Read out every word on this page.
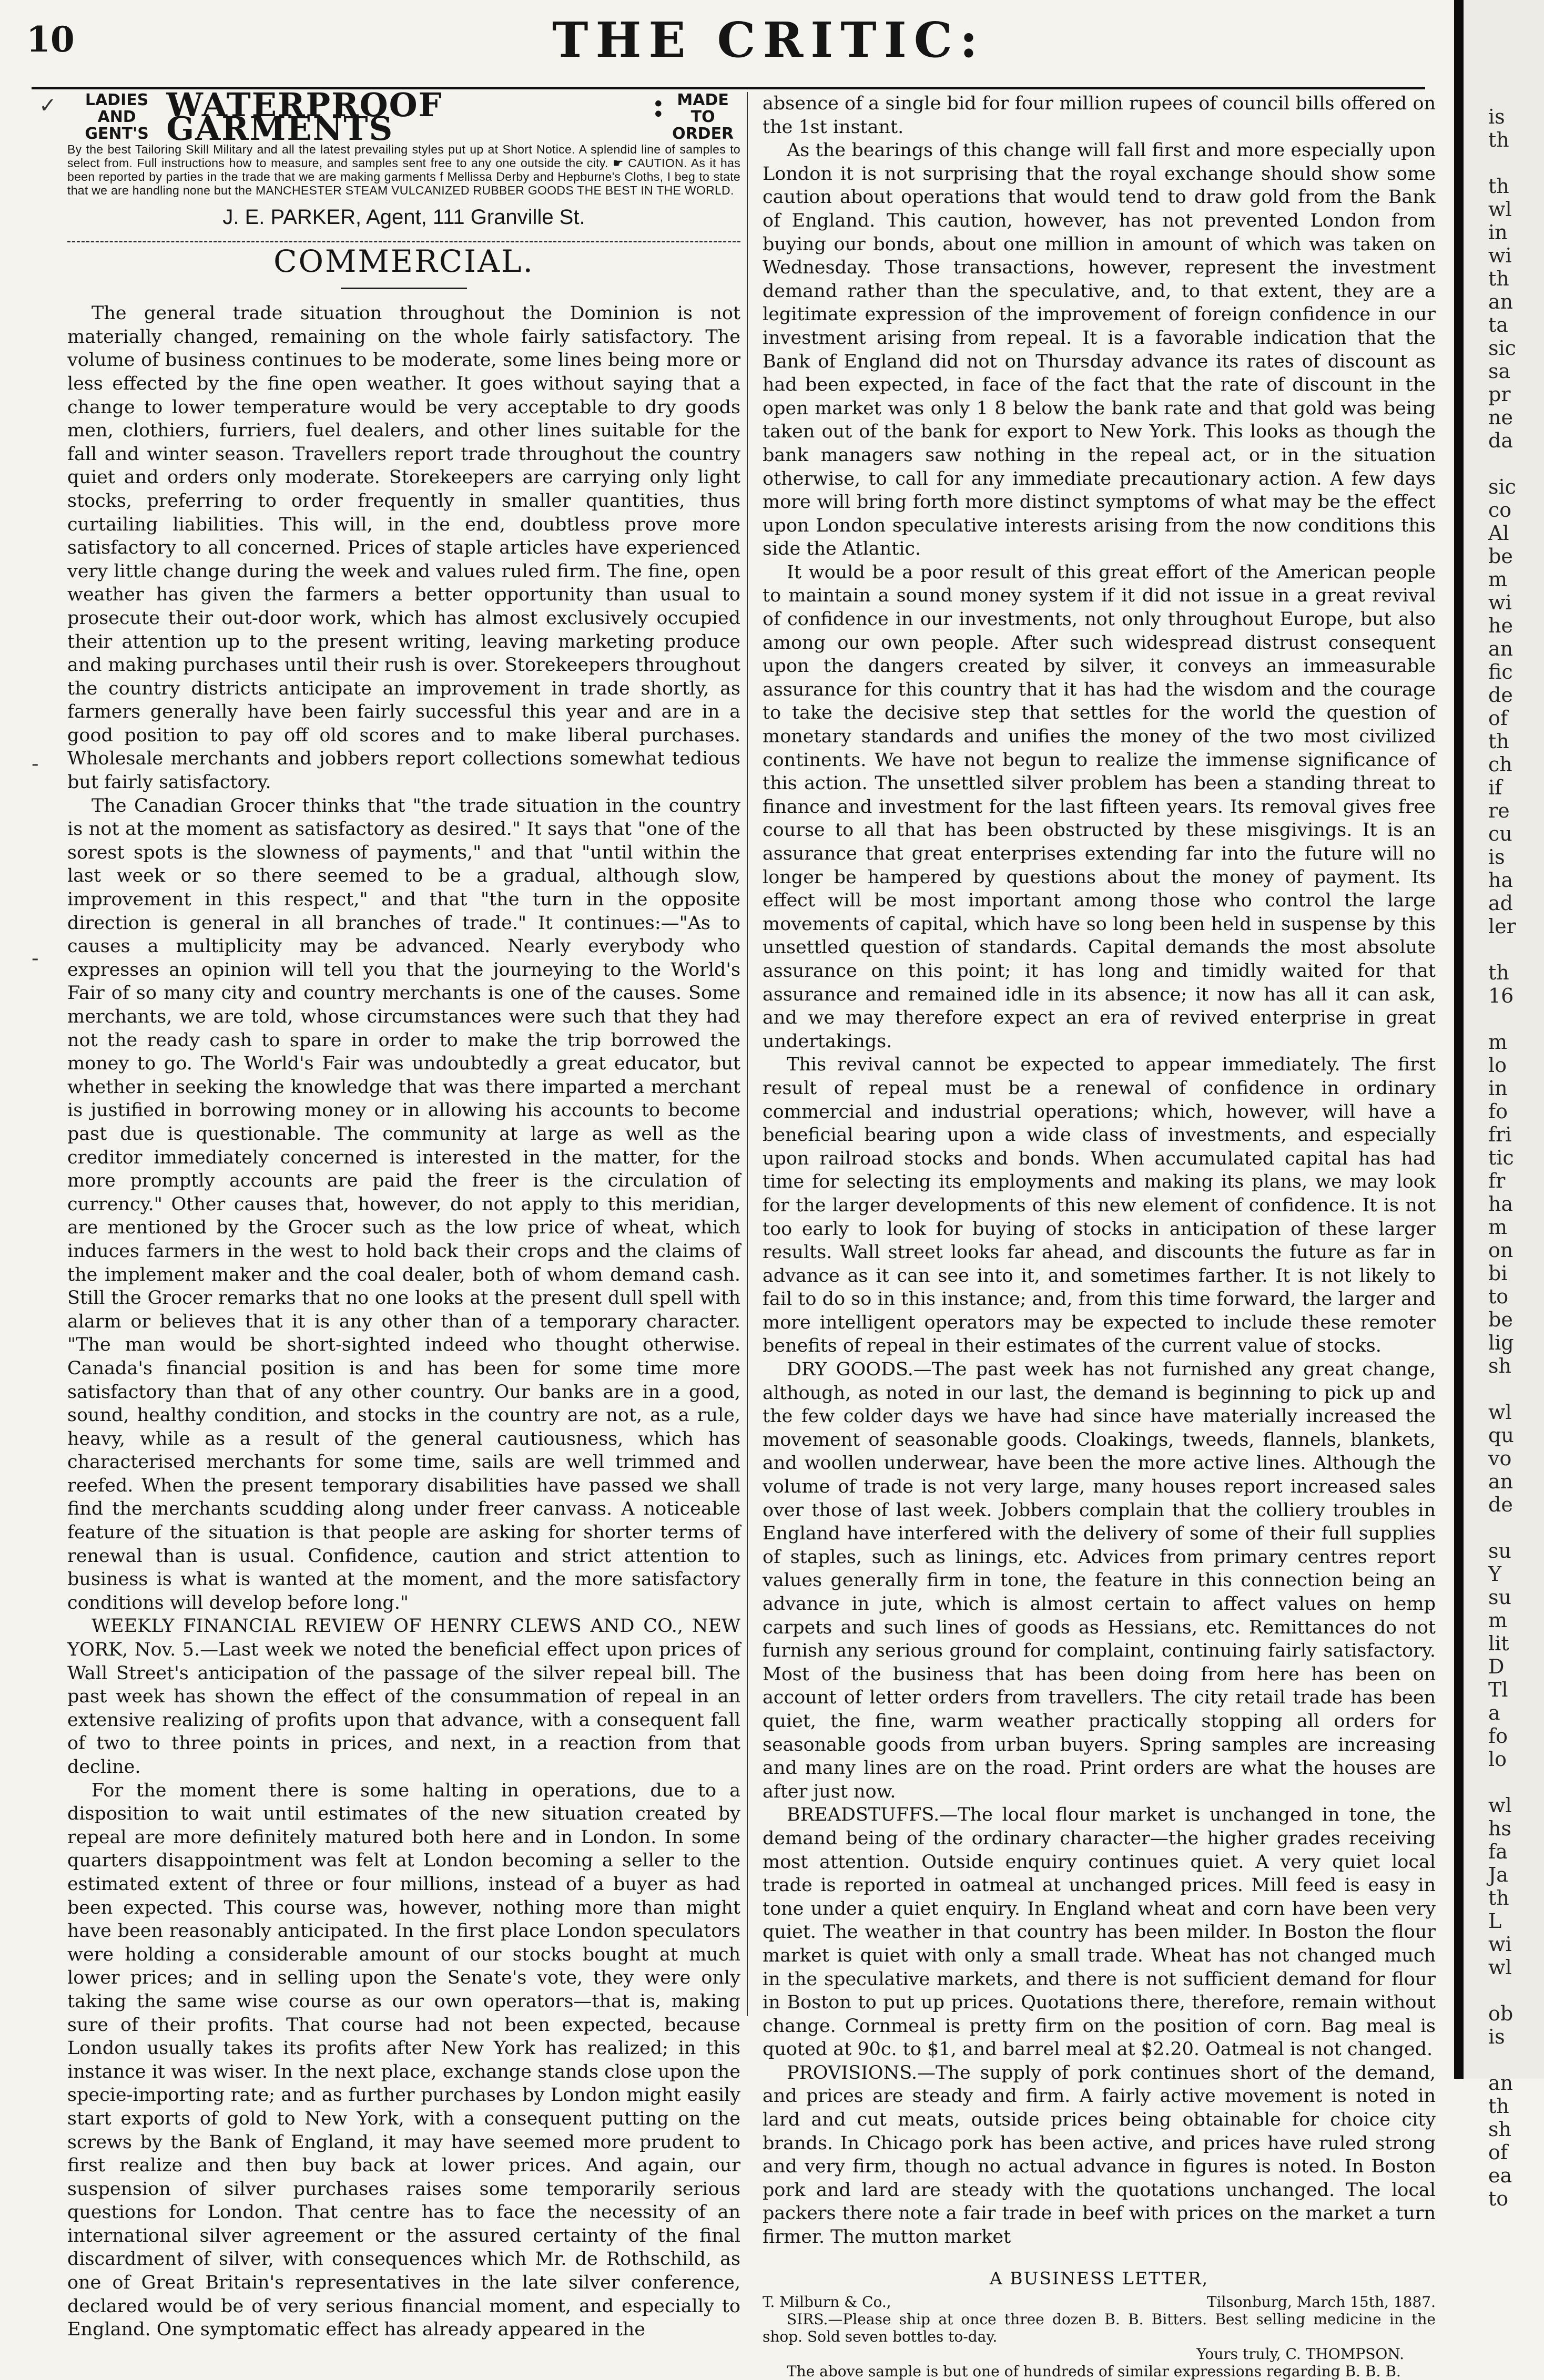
10	THE CRITIC:
LADIES AND
GENT'S
WATERPROOF : GARMENTS
MADE TO
ORDER
By the best Tailoring Skill Military and all the latest prevailing styles put up at Short Notice. A splendid line of samples to select from. Full instructions how to measure, and samples sent free to any one outside the city. ☛ CAUTION. As it has been reported by parties in the trade that we are making garments f Mellissa Derby and Hepburne's Cloths, I beg to state that we are handling none but the MANCHESTER STEAM VULCANIZED RUBBER GOODS THE BEST IN THE WORLD.
J. E. PARKER, Agent, 111 Granville St.
COMMERCIAL.

The general trade situation throughout the Dominion is not materially changed, remaining on the whole fairly satisfactory. The volume of business continues to be moderate, some lines being more or less effected by the fine open weather. It goes without saying that a change to lower temperature would be very acceptable to dry goods men, clothiers, furriers, fuel dealers, and other lines suitable for the fall and winter season. Travellers report trade throughout the country quiet and orders only moderate. Storekeepers are carrying only light stocks, preferring to order frequently in smaller quantities, thus curtailing liabilities. This will, in the end, doubtless prove more satisfactory to all concerned. Prices of staple articles have experienced very little change during the week and values ruled firm. The fine, open weather has given the farmers a better opportunity than usual to prosecute their out-door work, which has almost exclusively occupied their attention up to the present writing, leaving marketing produce and making purchases until their rush is over. Storekeepers throughout the country districts anticipate an improvement in trade shortly, as farmers generally have been fairly successful this year and are in a good position to pay off old scores and to make liberal purchases. Wholesale merchants and jobbers report collections somewhat tedious but fairly satisfactory.

The Canadian Grocer thinks that "the trade situation in the country is not at the moment as satisfactory as desired." It says that "one of the sorest spots is the slowness of payments," and that "until within the last week or so there seemed to be a gradual, although slow, improvement in this respect," and that "the turn in the opposite direction is general in all branches of trade." It continues:—"As to causes a multiplicity may be advanced. Nearly everybody who expresses an opinion will tell you that the journeying to the World's Fair of so many city and country merchants is one of the causes. Some merchants, we are told, whose circumstances were such that they had not the ready cash to spare in order to make the trip borrowed the money to go. The World's Fair was undoubtedly a great educator, but whether in seeking the knowledge that was there imparted a merchant is justified in borrowing money or in allowing his accounts to become past due is questionable. The community at large as well as the creditor immediately concerned is interested in the matter, for the more promptly accounts are paid the freer is the circulation of currency." Other causes that, however, do not apply to this meridian, are mentioned by the Grocer such as the low price of wheat, which induces farmers in the west to hold back their crops and the claims of the implement maker and the coal dealer, both of whom demand cash. Still the Grocer remarks that no one looks at the present dull spell with alarm or believes that it is any other than of a temporary character. "The man would be short-sighted indeed who thought otherwise. Canada's financial position is and has been for some time more satisfactory than that of any other country. Our banks are in a good, sound, healthy condition, and stocks in the country are not, as a rule, heavy, while as a result of the general cautiousness, which has characterised merchants for some time, sails are well trimmed and reefed. When the present temporary disabilities have passed we shall find the merchants scudding along under freer canvass. A noticeable feature of the situation is that people are asking for shorter terms of renewal than is usual. Confidence, caution and strict attention to business is what is wanted at the moment, and the more satisfactory conditions will develop before long."

WEEKLY FINANCIAL REVIEW OF HENRY CLEWS AND CO., NEW YORK, Nov. 5.—Last week we noted the beneficial effect upon prices of Wall Street's anticipation of the passage of the silver repeal bill. The past week has shown the effect of the consummation of repeal in an extensive realizing of profits upon that advance, with a consequent fall of two to three points in prices, and next, in a reaction from that decline.

For the moment there is some halting in operations, due to a disposition to wait until estimates of the new situation created by repeal are more definitely matured both here and in London. In some quarters disappointment was felt at London becoming a seller to the estimated extent of three or four millions, instead of a buyer as had been expected. This course was, however, nothing more than might have been reasonably anticipated. In the first place London speculators were holding a considerable amount of our stocks bought at much lower prices; and in selling upon the Senate's vote, they were only taking the same wise course as our own operators—that is, making sure of their profits. That course had not been expected, because London usually takes its profits after New York has realized; in this instance it was wiser. In the next place, exchange stands close upon the specie-importing rate; and as further purchases by London might easily start exports of gold to New York, with a consequent putting on the screws by the Bank of England, it may have seemed more prudent to first realize and then buy back at lower prices. And again, our suspension of silver purchases raises some temporarily serious questions for London. That centre has to face the necessity of an international silver agreement or the assured certainty of the final discardment of silver, with consequences which Mr. de Rothschild, as one of Great Britain's representatives in the late silver conference, declared would be of very serious financial moment, and especially to England. One symptomatic effect has already appeared in the

absence of a single bid for four million rupees of council bills offered on the 1st instant.

As the bearings of this change will fall first and more especially upon London it is not surprising that the royal exchange should show some caution about operations that would tend to draw gold from the Bank of England. This caution, however, has not prevented London from buying our bonds, about one million in amount of which was taken on Wednesday. Those transactions, however, represent the investment demand rather than the speculative, and, to that extent, they are a legitimate expression of the improvement of foreign confidence in our investment arising from repeal. It is a favorable indication that the Bank of England did not on Thursday advance its rates of discount as had been expected, in face of the fact that the rate of discount in the open market was only 1 8 below the bank rate and that gold was being taken out of the bank for export to New York. This looks as though the bank managers saw nothing in the repeal act, or in the situation otherwise, to call for any immediate precautionary action. A few days more will bring forth more distinct symptoms of what may be the effect upon London speculative interests arising from the now conditions this side the Atlantic.

It would be a poor result of this great effort of the American people to maintain a sound money system if it did not issue in a great revival of confidence in our investments, not only throughout Europe, but also among our own people. After such widespread distrust consequent upon the dangers created by silver, it conveys an immeasurable assurance for this country that it has had the wisdom and the courage to take the decisive step that settles for the world the question of monetary standards and unifies the money of the two most civilized continents. We have not begun to realize the immense significance of this action. The unsettled silver problem has been a standing threat to finance and investment for the last fifteen years. Its removal gives free course to all that has been obstructed by these misgivings. It is an assurance that great enterprises extending far into the future will no longer be hampered by questions about the money of payment. Its effect will be most important among those who control the large movements of capital, which have so long been held in suspense by this unsettled question of standards. Capital demands the most absolute assurance on this point; it has long and timidly waited for that assurance and remained idle in its absence; it now has all it can ask, and we may therefore expect an era of revived enterprise in great undertakings.

This revival cannot be expected to appear immediately. The first result of repeal must be a renewal of confidence in ordinary commercial and industrial operations; which, however, will have a beneficial bearing upon a wide class of investments, and especially upon railroad stocks and bonds. When accumulated capital has had time for selecting its employments and making its plans, we may look for the larger developments of this new element of confidence. It is not too early to look for buying of stocks in anticipation of these larger results. Wall street looks far ahead, and discounts the future as far in advance as it can see into it, and sometimes farther. It is not likely to fail to do so in this instance; and, from this time forward, the larger and more intelligent operators may be expected to include these remoter benefits of repeal in their estimates of the current value of stocks.

DRY GOODS.—The past week has not furnished any great change, although, as noted in our last, the demand is beginning to pick up and the few colder days we have had since have materially increased the movement of seasonable goods. Cloakings, tweeds, flannels, blankets, and woollen underwear, have been the more active lines. Although the volume of trade is not very large, many houses report increased sales over those of last week. Jobbers complain that the colliery troubles in England have interfered with the delivery of some of their full supplies of staples, such as linings, etc. Advices from primary centres report values generally firm in tone, the feature in this connection being an advance in jute, which is almost certain to affect values on hemp carpets and such lines of goods as Hessians, etc. Remittances do not furnish any serious ground for complaint, continuing fairly satisfactory. Most of the business that has been doing from here has been on account of letter orders from travellers. The city retail trade has been quiet, the fine, warm weather practically stopping all orders for seasonable goods from urban buyers. Spring samples are increasing and many lines are on the road. Print orders are what the houses are after just now.

BREADSTUFFS.—The local flour market is unchanged in tone, the demand being of the ordinary character—the higher grades receiving most attention. Outside enquiry continues quiet. A very quiet local trade is reported in oatmeal at unchanged prices. Mill feed is easy in tone under a quiet enquiry. In England wheat and corn have been very quiet. The weather in that country has been milder. In Boston the flour market is quiet with only a small trade. Wheat has not changed much in the speculative markets, and there is not sufficient demand for flour in Boston to put up prices. Quotations there, therefore, remain without change. Cornmeal is pretty firm on the position of corn. Bag meal is quoted at 90c. to $1, and barrel meal at $2.20. Oatmeal is not changed.

PROVISIONS.—The supply of pork continues short of the demand, and prices are steady and firm. A fairly active movement is noted in lard and cut meats, outside prices being obtainable for choice city brands. In Chicago pork has been active, and prices have ruled strong and very firm, though no actual advance in figures is noted. In Boston pork and lard are steady with the quotations unchanged. The local packers there note a fair trade in beef with prices on the market a turn firmer. The mutton market

A BUSINESS LETTER,
T. Milburn & Co.,	Tilsonburg, March 15th, 1887.
SIRS.—Please ship at once three dozen B. B. Bitters. Best selling medicine in the shop. Sold seven bottles to-day.
Yours truly, C. THOMPSON.
The above sample is but one of hundreds of similar expressions regarding B. B. B.
✓
-
-
is
th
th
wl
in
wi
th
an
ta
sic
sa
pr
ne
da
sic
co
Al
be
m
wi
he
an
fic
de
of
th
ch
if
re
cu
is
ha
ad
ler
th
16
m
lo
in
fo
fri
tic
fr
ha
m
on
bi
to
be
lig
sh
wl
qu
vo
an
de
su
Y
su
m
lit
D
Tl
a
fo
lo
wl
hs
fa
Ja
th
L
wi
wl
ob
is
an
th
sh
of
ea
to
